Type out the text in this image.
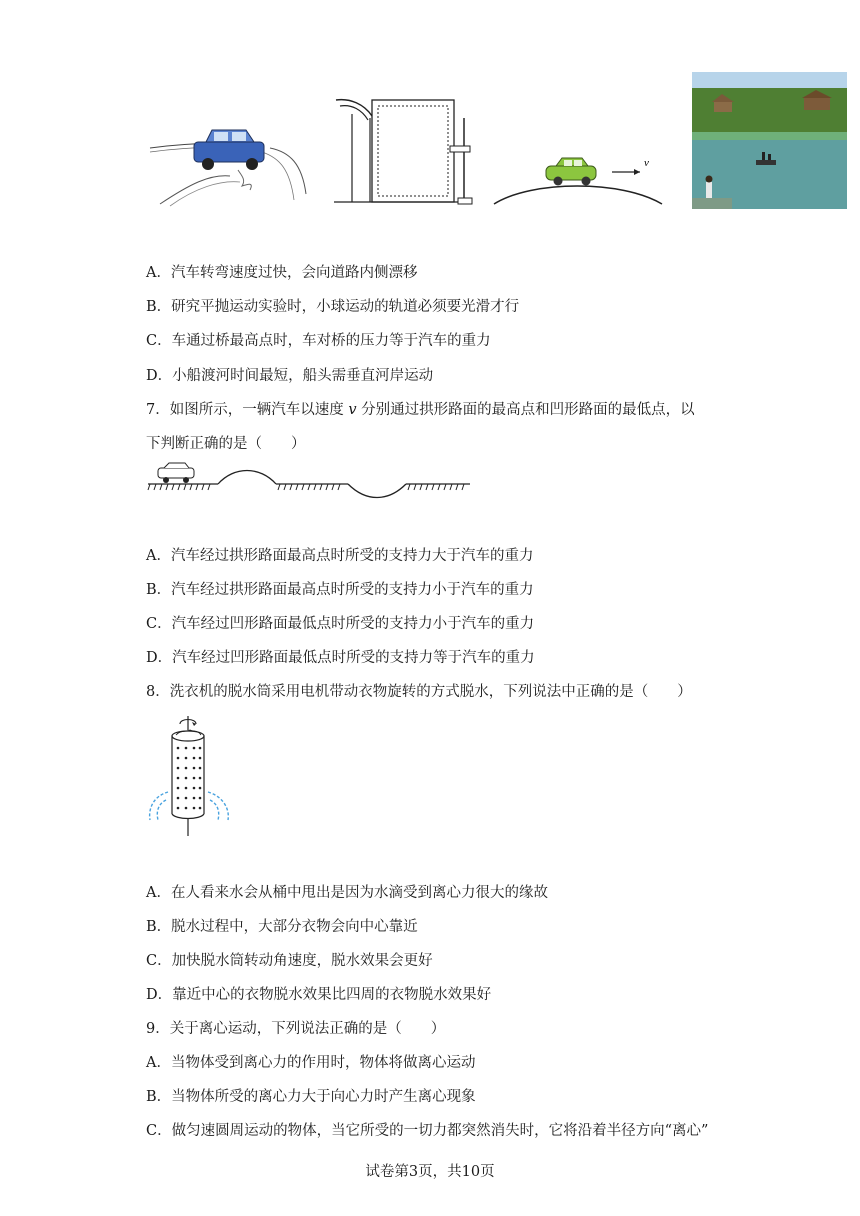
v
A．汽车转弯速度过快，会向道路内侧漂移
B．研究平抛运动实验时，小球运动的轨道必须要光滑才行
C．车通过桥最高点时，车对桥的压力等于汽车的重力
D．小船渡河时间最短，船头需垂直河岸运动
7．如图所示，一辆汽车以速度 v 分别通过拱形路面的最高点和凹形路面的最低点，以
下判断正确的是（　　）
A．汽车经过拱形路面最高点时所受的支持力大于汽车的重力
B．汽车经过拱形路面最高点时所受的支持力小于汽车的重力
C．汽车经过凹形路面最低点时所受的支持力小于汽车的重力
D．汽车经过凹形路面最低点时所受的支持力等于汽车的重力
8．洗衣机的脱水筒采用电机带动衣物旋转的方式脱水，下列说法中正确的是（　　）
A．在人看来水会从桶中甩出是因为水滴受到离心力很大的缘故
B．脱水过程中，大部分衣物会向中心靠近
C．加快脱水筒转动角速度，脱水效果会更好
D．靠近中心的衣物脱水效果比四周的衣物脱水效果好
9．关于离心运动，下列说法正确的是（　　）
A．当物体受到离心力的作用时，物体将做离心运动
B．当物体所受的离心力大于向心力时产生离心现象
C．做匀速圆周运动的物体，当它所受的一切力都突然消失时，它将沿着半径方向“离心”
试卷第3页，共10页
